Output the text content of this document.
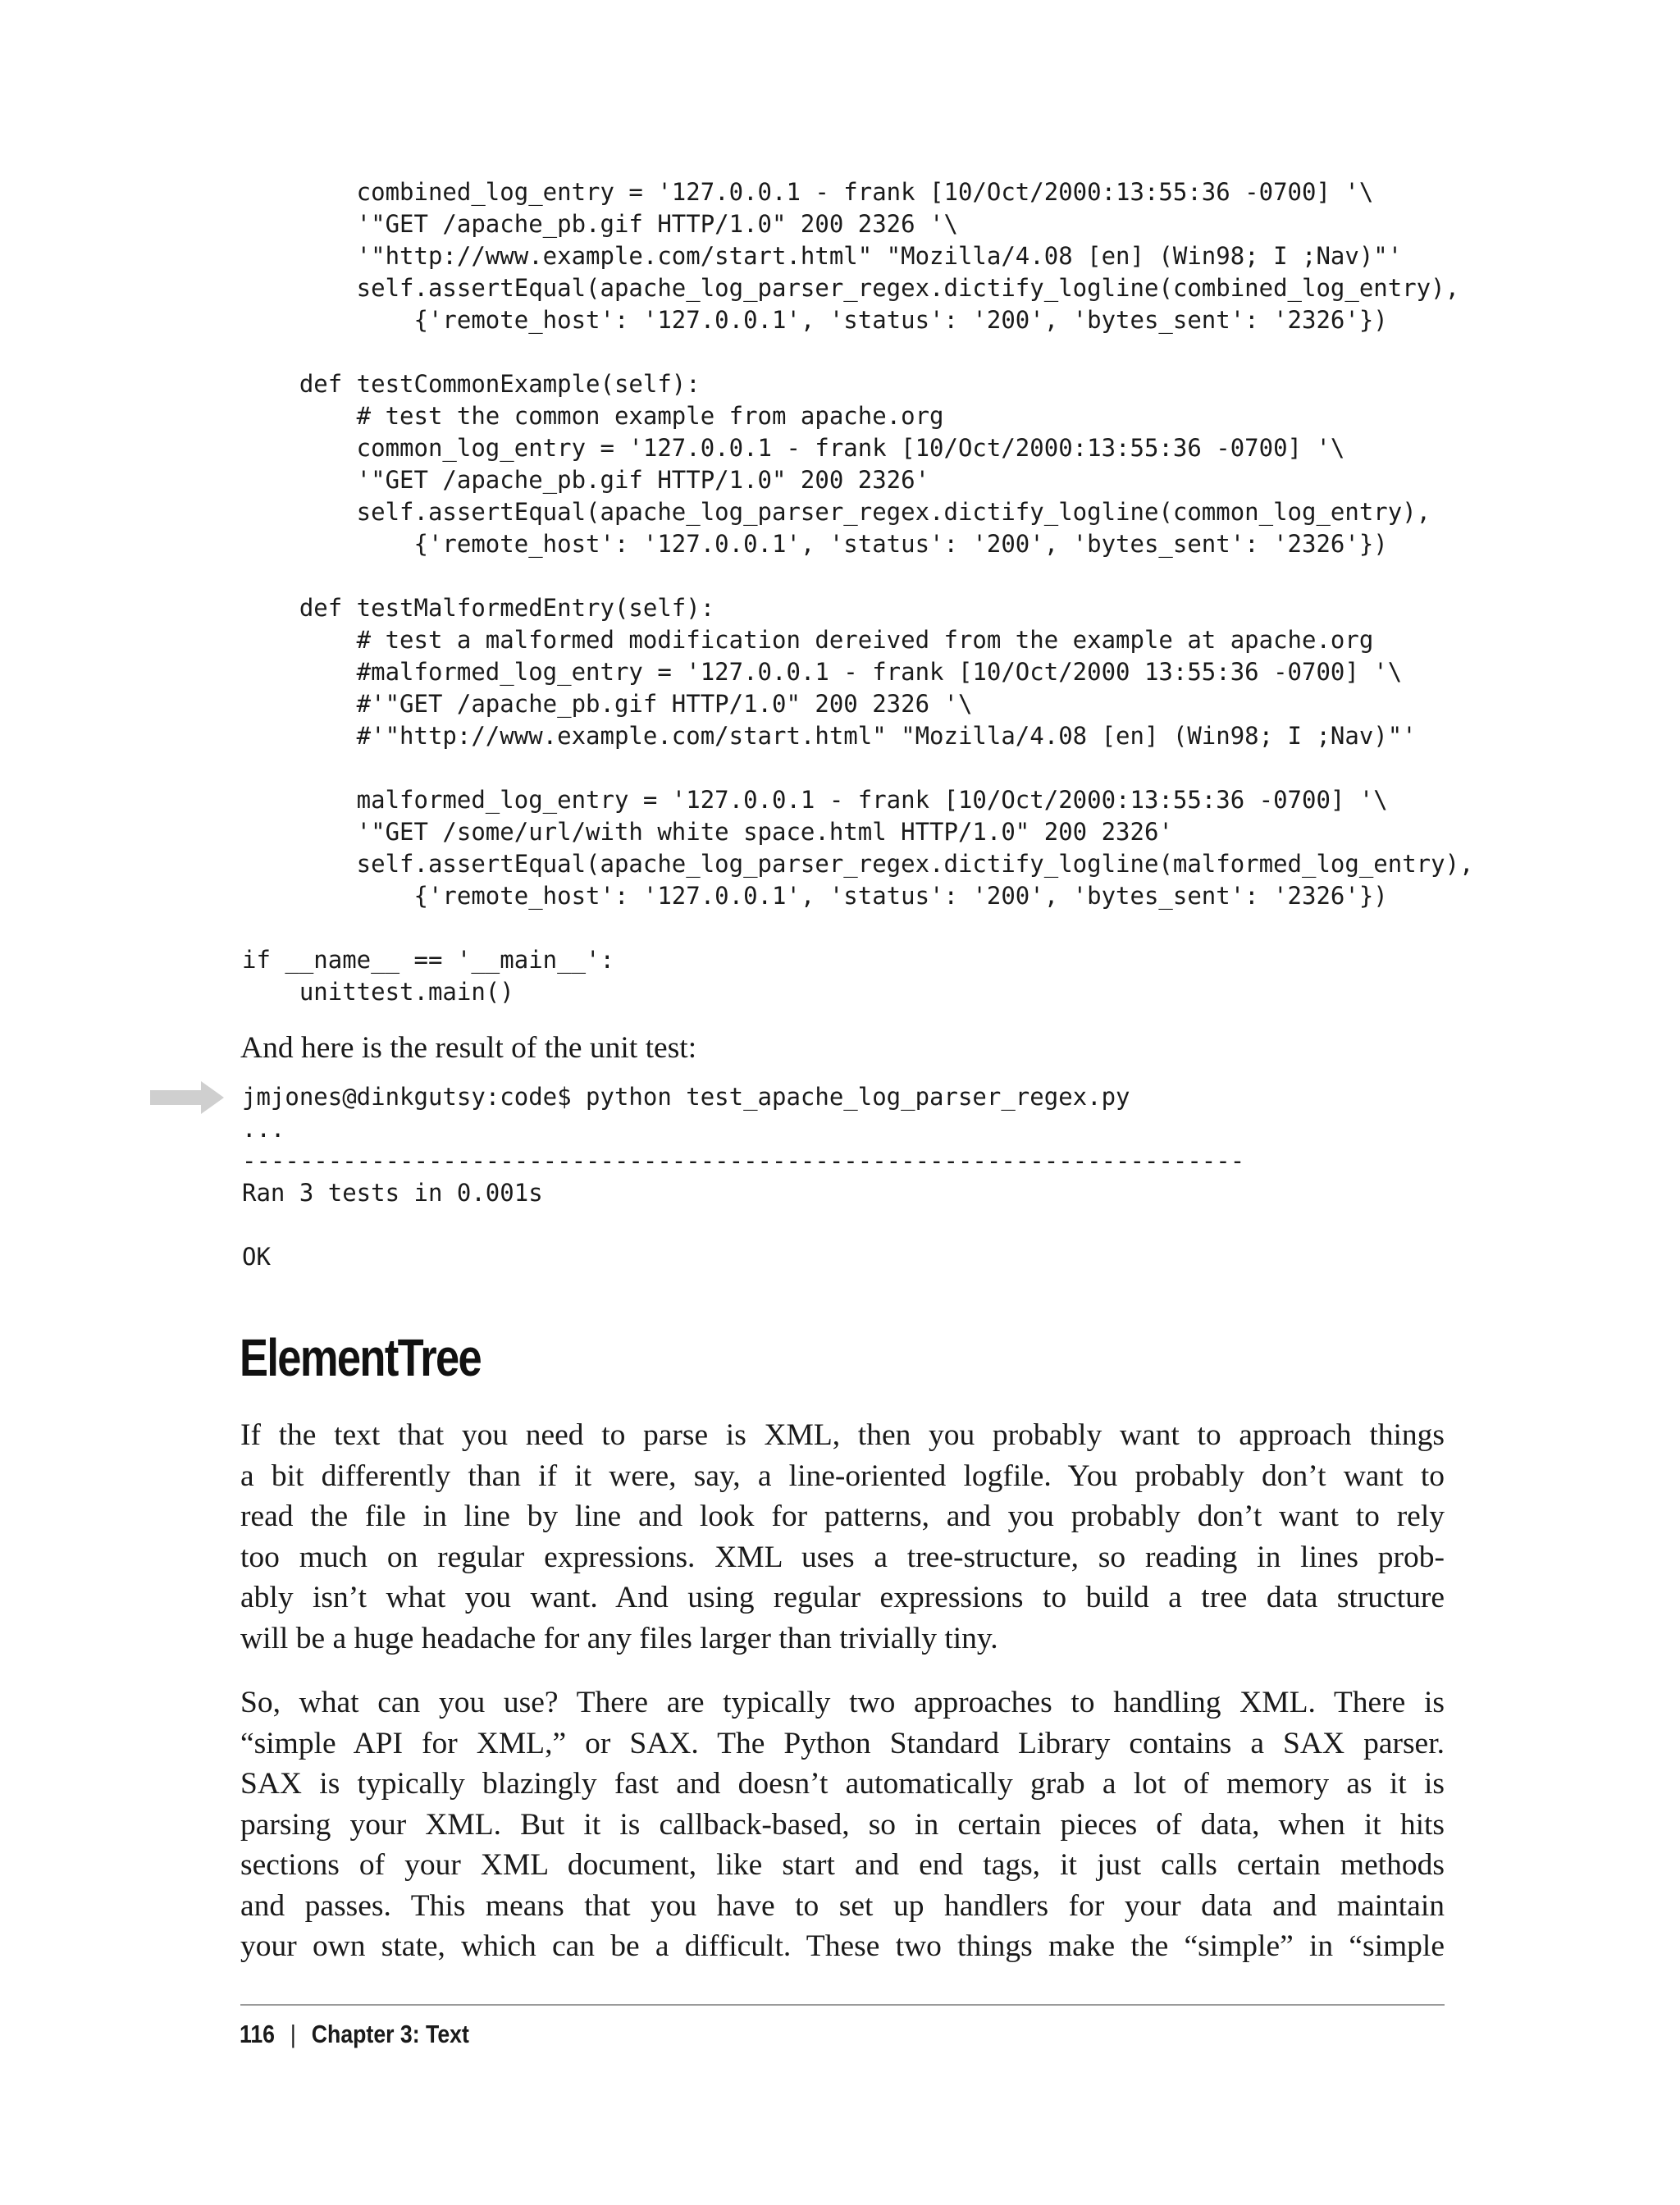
combined_log_entry = '127.0.0.1 - frank [10/Oct/2000:13:55:36 -0700] '\
'"GET /apache_pb.gif HTTP/1.0" 200 2326 '\
'"http://www.example.com/start.html" "Mozilla/4.08 [en] (Win98; I ;Nav)"'
self.assertEqual(apache_log_parser_regex.dictify_logline(combined_log_entry),
{'remote_host': '127.0.0.1', 'status': '200', 'bytes_sent': '2326'})
def testCommonExample(self):
# test the common example from apache.org
common_log_entry = '127.0.0.1 - frank [10/Oct/2000:13:55:36 -0700] '\
'"GET /apache_pb.gif HTTP/1.0" 200 2326'
self.assertEqual(apache_log_parser_regex.dictify_logline(common_log_entry),
{'remote_host': '127.0.0.1', 'status': '200', 'bytes_sent': '2326'})
def testMalformedEntry(self):
# test a malformed modification dereived from the example at apache.org
#malformed_log_entry = '127.0.0.1 - frank [10/Oct/2000 13:55:36 -0700] '\
#'"GET /apache_pb.gif HTTP/1.0" 200 2326 '\
#'"http://www.example.com/start.html" "Mozilla/4.08 [en] (Win98; I ;Nav)"'
malformed_log_entry = '127.0.0.1 - frank [10/Oct/2000:13:55:36 -0700] '\
'"GET /some/url/with white space.html HTTP/1.0" 200 2326'
self.assertEqual(apache_log_parser_regex.dictify_logline(malformed_log_entry),
{'remote_host': '127.0.0.1', 'status': '200', 'bytes_sent': '2326'})
if __name__ == '__main__':
unittest.main()

And here is the result of the unit test:

jmjones@dinkgutsy:code$ python test_apache_log_parser_regex.py
...
----------------------------------------------------------------------
Ran 3 tests in 0.001s
OK
ElementTree
If the text that you need to parse is XML, then you probably want to approach things
a bit differently than if it were, say, a line-oriented logfile. You probably don’t want to
read the file in line by line and look for patterns, and you probably don’t want to rely
too much on regular expressions. XML uses a tree-structure, so reading in lines prob-
ably isn’t what you want. And using regular expressions to build a tree data structure
will be a huge headache for any files larger than trivially tiny.
So, what can you use? There are typically two approaches to handling XML. There is
“simple API for XML,” or SAX. The Python Standard Library contains a SAX parser.
SAX is typically blazingly fast and doesn’t automatically grab a lot of memory as it is
parsing your XML. But it is callback-based, so in certain pieces of data, when it hits
sections of your XML document, like start and end tags, it just calls certain methods
and passes. This means that you have to set up handlers for your data and maintain
your own state, which can be a difficult. These two things make the “simple” in “simple
116 | Chapter 3: Text
